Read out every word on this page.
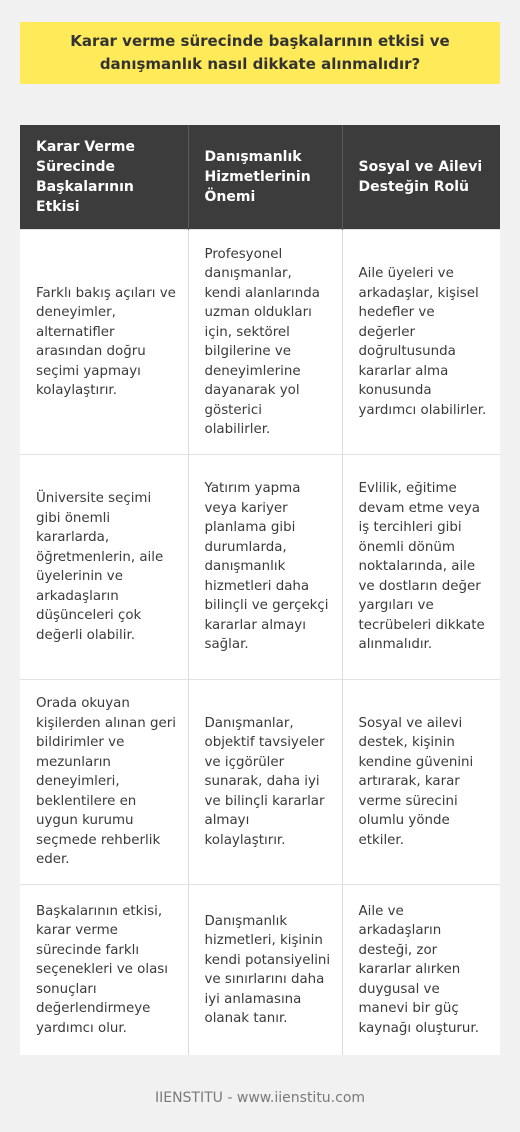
Karar verme sürecinde başkalarının etkisi ve danışmanlık nasıl dikkate alınmalıdır?
Karar Verme Sürecinde Başkalarının Etkisi	Danışmanlık Hizmetlerinin Önemi	Sosyal ve Ailevi Desteğin Rolü
Farklı bakış açıları ve deneyimler, alternatifler arasından doğru seçimi yapmayı kolaylaştırır.	Profesyonel danışmanlar, kendi alanlarında uzman oldukları için, sektörel bilgilerine ve deneyimlerine dayanarak yol gösterici olabilirler.	Aile üyeleri ve arkadaşlar, kişisel hedefler ve değerler doğrultusunda kararlar alma konusunda yardımcı olabilirler.
Üniversite seçimi gibi önemli kararlarda, öğretmenlerin, aile üyelerinin ve arkadaşların düşünceleri çok değerli olabilir.	Yatırım yapma veya kariyer planlama gibi durumlarda, danışmanlık hizmetleri daha bilinçli ve gerçekçi kararlar almayı sağlar.	Evlilik, eğitime devam etme veya iş tercihleri gibi önemli dönüm noktalarında, aile ve dostların değer yargıları ve tecrübeleri dikkate alınmalıdır.
Orada okuyan kişilerden alınan geri bildirimler ve mezunların deneyimleri, beklentilere en uygun kurumu seçmede rehberlik eder.	Danışmanlar, objektif tavsiyeler ve içgörüler sunarak, daha iyi ve bilinçli kararlar almayı kolaylaştırır.	Sosyal ve ailevi destek, kişinin kendine güvenini artırarak, karar verme sürecini olumlu yönde etkiler.
Başkalarının etkisi, karar verme sürecinde farklı seçenekleri ve olası sonuçları değerlendirmeye yardımcı olur.	Danışmanlık hizmetleri, kişinin kendi potansiyelini ve sınırlarını daha iyi anlamasına olanak tanır.	Aile ve arkadaşların desteği, zor kararlar alırken duygusal ve manevi bir güç kaynağı oluşturur.
IIENSTITU - www.iienstitu.com
